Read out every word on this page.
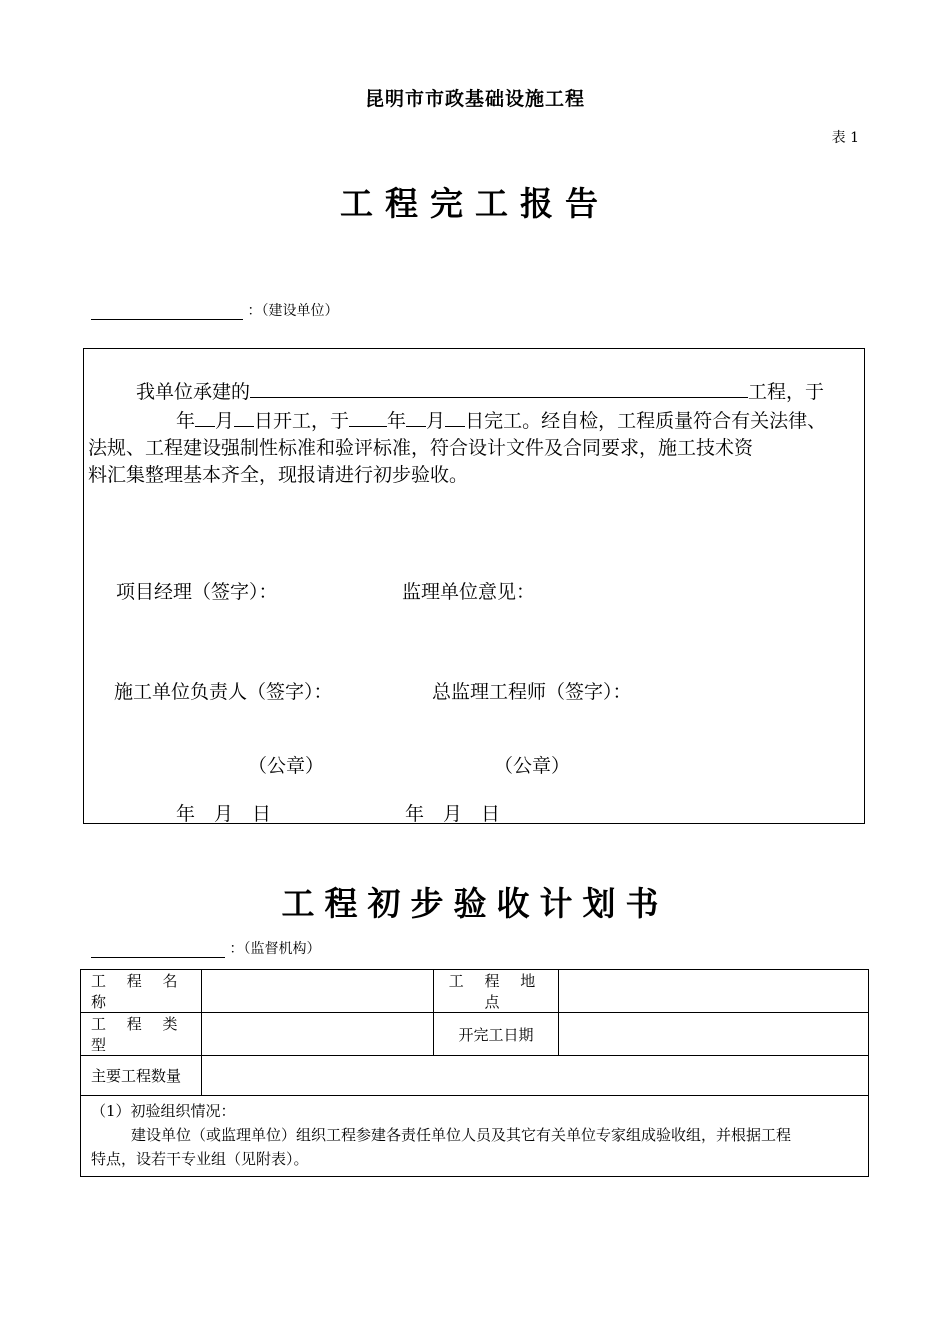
昆明市市政基础设施工程
表 1
工程完工报告
：（建设单位）
我单位承建的	工程，于
年 月 日开工，于 年 月 日完工。经自检，工程质量符合有关法律、
法规、工程建设强制性标准和验评标准，符合设计文件及合同要求，施工技术资
料汇集整理基本齐全，现报请进行初步验收。
项目经理（签字）：	监理单位意见：
施工单位负责人（签字）：	总监理工程师（签字）：
（公章）	（公章）
年　月　日	年　月　日
工程初步验收计划书
：（监督机构）
工 程 名 称		工 程 地 点	
工 程 类 型		开完工日期	
主要工程数量			

（1）初验组织情况：
建设单位（或监理单位）组织工程参建各责任单位人员及其它有关单位专家组成验收组，并根据工程
特点，设若干专业组（见附表）。			
